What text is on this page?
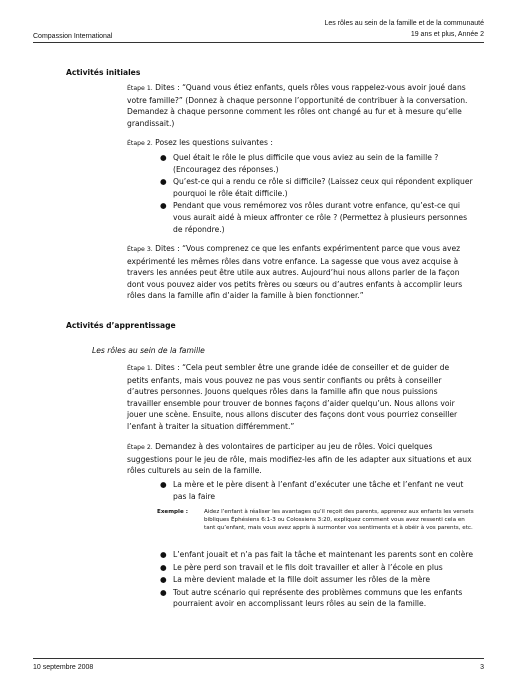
Les rôles au sein de la famille et de la communauté
19 ans et plus, Année 2
Compassion International
Activités initiales
Étape 1. Dites : “Quand vous étiez enfants, quels rôles vous rappelez-vous avoir joué dans votre famille?” (Donnez à chaque personne l’opportunité de contribuer à la conversation. Demandez à chaque personne comment les rôles ont changé au fur et à mesure qu’elle grandissait.)
Étape 2. Posez les questions suivantes :
● Quel était le rôle le plus difficile que vous aviez au sein de la famille ? (Encouragez des réponses.)
● Qu’est-ce qui a rendu ce rôle si difficile? (Laissez ceux qui répondent expliquer pourquoi le rôle était difficile.)
● Pendant que vous remémorez vos rôles durant votre enfance, qu’est-ce qui vous aurait aidé à mieux affronter ce rôle ? (Permettez à plusieurs personnes de répondre.)
Étape 3. Dites : “Vous comprenez ce que les enfants expérimentent parce que vous avez expérimenté les mêmes rôles dans votre enfance. La sagesse que vous avez acquise à travers les années peut être utile aux autres. Aujourd’hui nous allons parler de la façon dont vous pouvez aider vos petits frères ou sœurs ou d’autres enfants à accomplir leurs rôles dans la famille afin d’aider la famille à bien fonctionner.”
Activités d’apprentissage
Les rôles au sein de la famille
Étape 1. Dites : “Cela peut sembler être une grande idée de conseiller et de guider de petits enfants, mais vous pouvez ne pas vous sentir confiants ou prêts à conseiller d’autres personnes. Jouons quelques rôles dans la famille afin que nous puissions travailler ensemble pour trouver de bonnes façons d’aider quelqu’un. Nous allons voir jouer une scène. Ensuite, nous allons discuter des façons dont vous pourriez conseiller l’enfant à traiter la situation différemment.”
Étape 2. Demandez à des volontaires de participer au jeu de rôles. Voici quelques suggestions pour le jeu de rôle, mais modifiez-les afin de les adapter aux situations et aux rôles culturels au sein de la famille.
● La mère et le père disent à l’enfant d’exécuter une tâche et l’enfant ne veut pas la faire
Exemple :	Aidez l’enfant à réaliser les avantages qu’il reçoit des parents, apprenez aux enfants les versets bibliques Éphésiens 6:1-3 ou Colossiens 3:20, expliquez comment vous avez ressenti cela en tant qu’enfant, mais vous avez appris à surmonter vos sentiments et à obéir à vos parents, etc.
● L’enfant jouait et n’a pas fait la tâche et maintenant les parents sont en colère
● Le père perd son travail et le fils doit travailler et aller à l’école en plus
● La mère devient malade et la fille doit assumer les rôles de la mère
● Tout autre scénario qui représente des problèmes communs que les enfants pourraient avoir en accomplissant leurs rôles au sein de la famille.
10 septembre 2008	3
